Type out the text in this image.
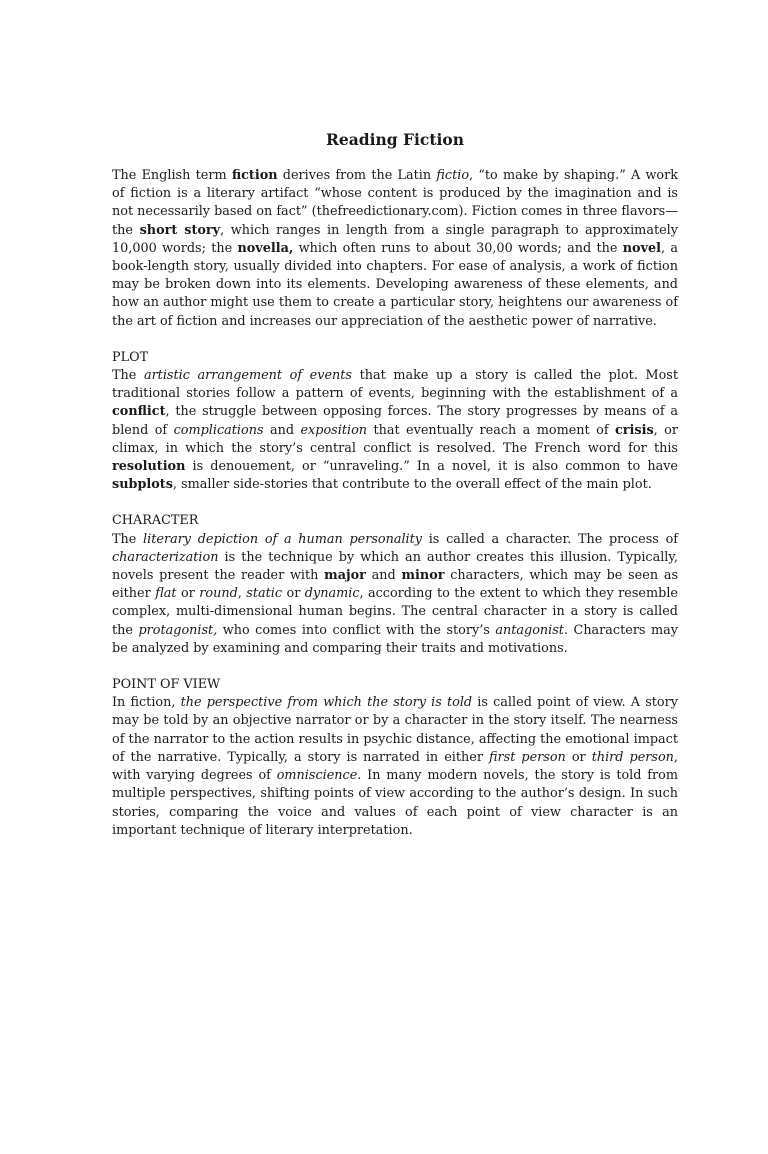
Reading Fiction

The English term fiction derives from the Latin fictio, “to make by shaping.” A work of fiction is a literary artifact “whose content is produced by the imagination and is not necessarily based on fact” (thefreedictionary.com). Fiction comes in three flavors—the short story, which ranges in length from a single paragraph to approximately 10,000 words; the novella, which often runs to about 30,00 words; and the novel, a book-length story, usually divided into chapters. For ease of analysis, a work of fiction may be broken down into its elements. Developing awareness of these elements, and how an author might use them to create a particular story, heightens our awareness of the art of fiction and increases our appreciation of the aesthetic power of narrative.

PLOT

The artistic arrangement of events that make up a story is called the plot. Most traditional stories follow a pattern of events, beginning with the establishment of a conflict, the struggle between opposing forces. The story progresses by means of a blend of complications and exposition that eventually reach a moment of crisis, or climax, in which the story’s central conflict is resolved. The French word for this resolution is denouement, or “unraveling.” In a novel, it is also common to have subplots, smaller side-stories that contribute to the overall effect of the main plot.

CHARACTER

The literary depiction of a human personality is called a character. The process of characterization is the technique by which an author creates this illusion. Typically, novels present the reader with major and minor characters, which may be seen as either flat or round, static or dynamic, according to the extent to which they resemble complex, multi-dimensional human begins. The central character in a story is called the protagonist, who comes into conflict with the story’s antagonist. Characters may be analyzed by examining and comparing their traits and motivations.

POINT OF VIEW

In fiction, the perspective from which the story is told is called point of view. A story may be told by an objective narrator or by a character in the story itself. The nearness of the narrator to the action results in psychic distance, affecting the emotional impact of the narrative. Typically, a story is narrated in either first person or third person, with varying degrees of omniscience. In many modern novels, the story is told from multiple perspectives, shifting points of view according to the author’s design. In such stories, comparing the voice and values of each point of view character is an important technique of literary interpretation.
